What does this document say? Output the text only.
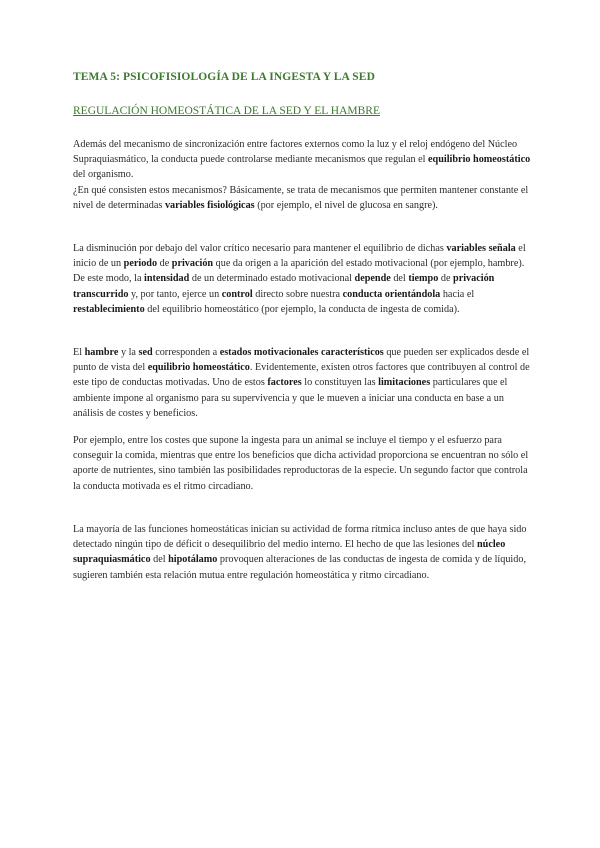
TEMA 5: PSICOFISIOLOGÍA DE LA INGESTA Y LA SED
REGULACIÓN HOMEOSTÁTICA DE LA SED Y EL HAMBRE

Además del mecanismo de sincronización entre factores externos como la luz y el reloj endógeno del Núcleo Supraquiasmático, la conducta puede controlarse mediante mecanismos que regulan el equilibrio homeostático del organismo.
¿En qué consisten estos mecanismos? Básicamente, se trata de mecanismos que permiten mantener constante el nivel de determinadas variables fisiológicas (por ejemplo, el nivel de glucosa en sangre).

La disminución por debajo del valor crítico necesario para mantener el equilibrio de dichas variables señala el inicio de un periodo de privación que da origen a la aparición del estado motivacional (por ejemplo, hambre). De este modo, la intensidad de un determinado estado motivacional depende del tiempo de privación transcurrido y, por tanto, ejerce un control directo sobre nuestra conducta orientándola hacia el restablecimiento del equilibrio homeostático (por ejemplo, la conducta de ingesta de comida).

El hambre y la sed corresponden a estados motivacionales característicos que pueden ser explicados desde el punto de vista del equilibrio homeostático. Evidentemente, existen otros factores que contribuyen al control de este tipo de conductas motivadas. Uno de estos factores lo constituyen las limitaciones particulares que el ambiente impone al organismo para su supervivencia y que le mueven a iniciar una conducta en base a un análisis de costes y beneficios.

Por ejemplo, entre los costes que supone la ingesta para un animal se incluye el tiempo y el esfuerzo para conseguir la comida, mientras que entre los beneficios que dicha actividad proporciona se encuentran no sólo el aporte de nutrientes, sino también las posibilidades reproductoras de la especie. Un segundo factor que controla la conducta motivada es el ritmo circadiano.

La mayoría de las funciones homeostáticas inician su actividad de forma rítmica incluso antes de que haya sido detectado ningún tipo de déficit o desequilibrio del medio interno. El hecho de que las lesiones del núcleo supraquiasmático del hipotálamo provoquen alteraciones de las conductas de ingesta de comida y de líquido, sugieren también esta relación mutua entre regulación homeostática y ritmo circadiano.
